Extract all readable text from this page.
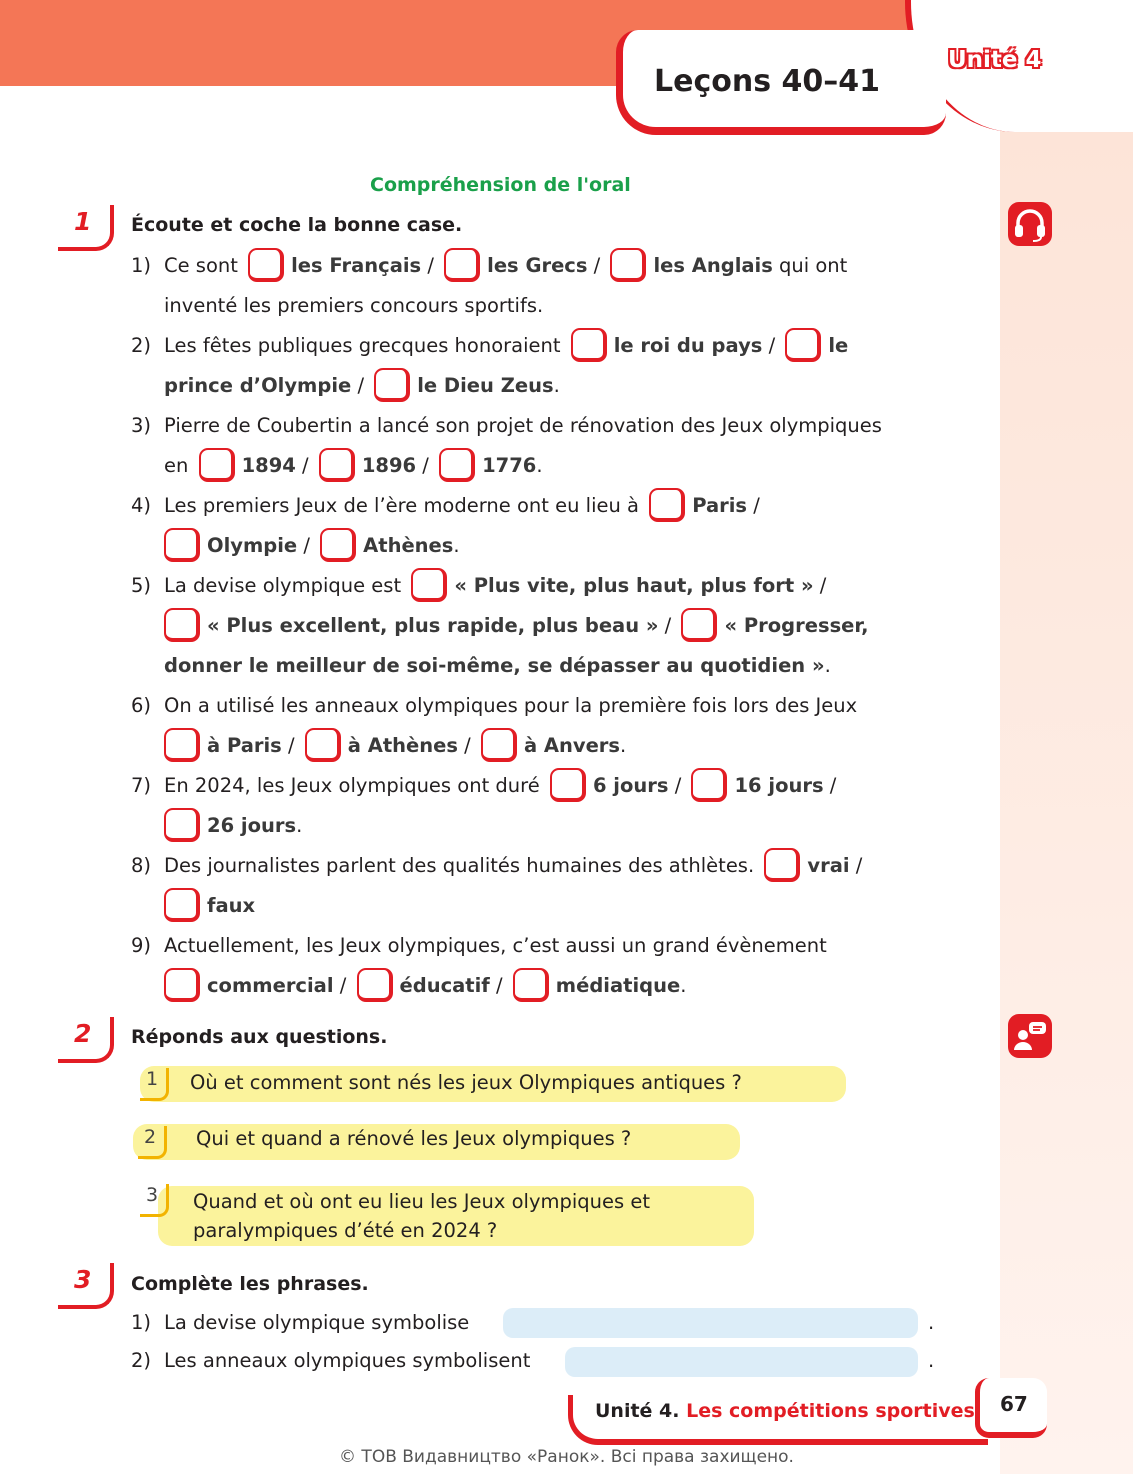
Leçons 40–41
Unité 4
Compréhension de l'oral
1 Écoute et coche la bonne case.
1) Ce sont	les Français /	les Grecs /	les Anglais qui ont
inventé les premiers concours sportifs.
2) Les fêtes publiques grecques honoraient	le roi du pays /	le
prince d’Olympie /	le Dieu Zeus.
3) Pierre de Coubertin a lancé son projet de rénovation des Jeux olympiques
en	1894 /	1896 /	1776.
4) Les premiers Jeux de l’ère moderne ont eu lieu à	Paris /
Olympie /	Athènes.
5) La devise olympique est	« Plus vite, plus haut, plus fort » /
« Plus excellent, plus rapide, plus beau » /	« Progresser,
donner le meilleur de soi-même, se dépasser au quotidien ».
6) On a utilisé les anneaux olympiques pour la première fois lors des Jeux
à Paris /	à Athènes /	à Anvers.
7) En 2024, les Jeux olympiques ont duré	6 jours /	16 jours /
26 jours.
8) Des journalistes parlent des qualités humaines des athlètes.	vrai /
faux
9) Actuellement, les Jeux olympiques, c’est aussi un grand évènement
commercial /	éducatif /	médiatique.
2 Réponds aux questions.
1 Où et comment sont nés les jeux Olympiques antiques ?
2 Qui et quand a rénové les Jeux olympiques ?
3 Quand et où ont eu lieu les Jeux olympiques et
paralympiques d’été en 2024 ?
3 Complète les phrases.
1) La devise olympique symbolise	.
2) Les anneaux olympiques symbolisent	.
Unité 4. Les compétitions sportives 67
© ТОВ Видавництво «Ранок». Всі права захищено.
